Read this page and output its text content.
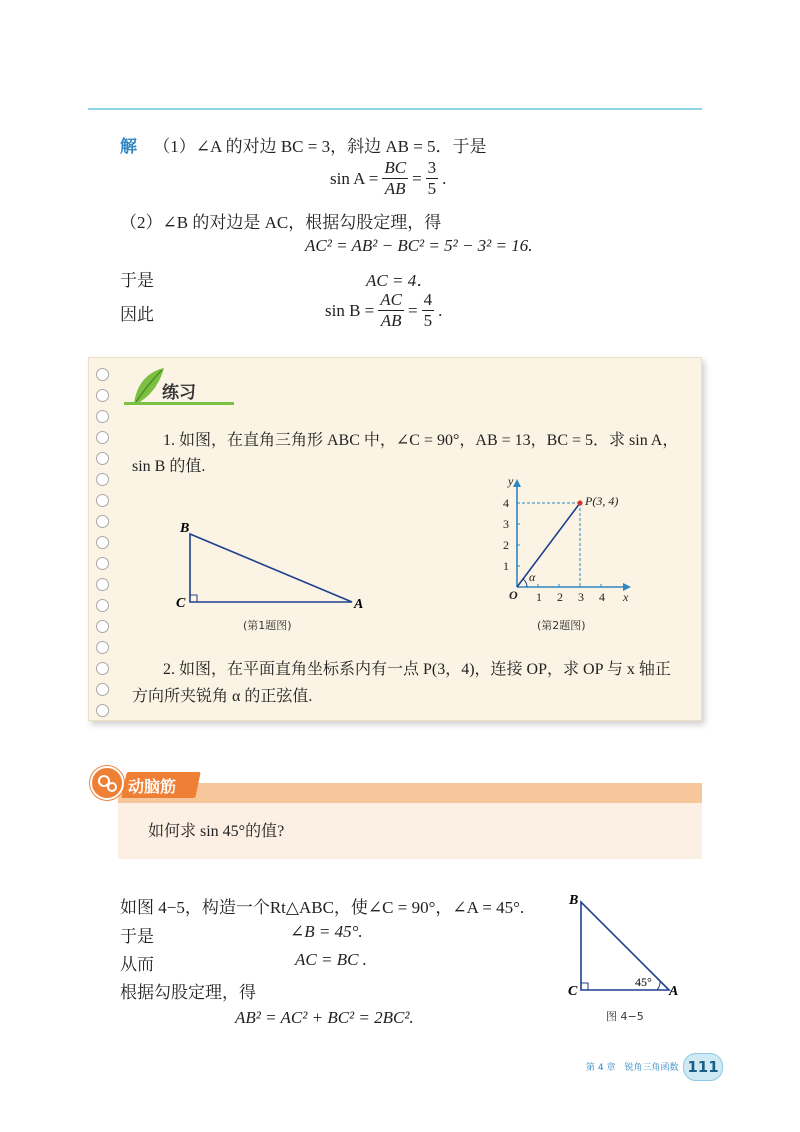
解 （1）∠A 的对边 BC = 3，斜边 AB = 5．于是
$\sin A = \frac{BC}{AB} = \frac{3}{5}$ .
（2）∠B 的对边是 AC，根据勾股定理，得
AC² = AB² − BC² = 5² − 3² = 16.
于是	AC = 4．
因此	$\sin B = \frac{AC}{AB} = \frac{4}{5}$ .
练习
1. 如图，在直角三角形 ABC 中，∠C = 90°，AB = 13，BC = 5．求 sin A，
sin B 的值.
B
C	A
(第1题图)
1 2 3 4
1
2
3
4
O
y
x
α
P(3, 4)
(第2题图)
2. 如图，在平面直角坐标系内有一点 P(3，4)，连接 OP，求 OP 与 x 轴正
方向所夹锐角 α 的正弦值.
动脑筋
如何求 sin 45°的值?
如图 4−5，构造一个Rt△ABC，使∠C = 90°，∠A = 45°.
于是	∠B = 45°.
从而	AC = BC .
根据勾股定理，得
AB² = AC² + BC² = 2BC².
B
C	A
45°
图 4−5
第 4 章　锐角三角函数 111
